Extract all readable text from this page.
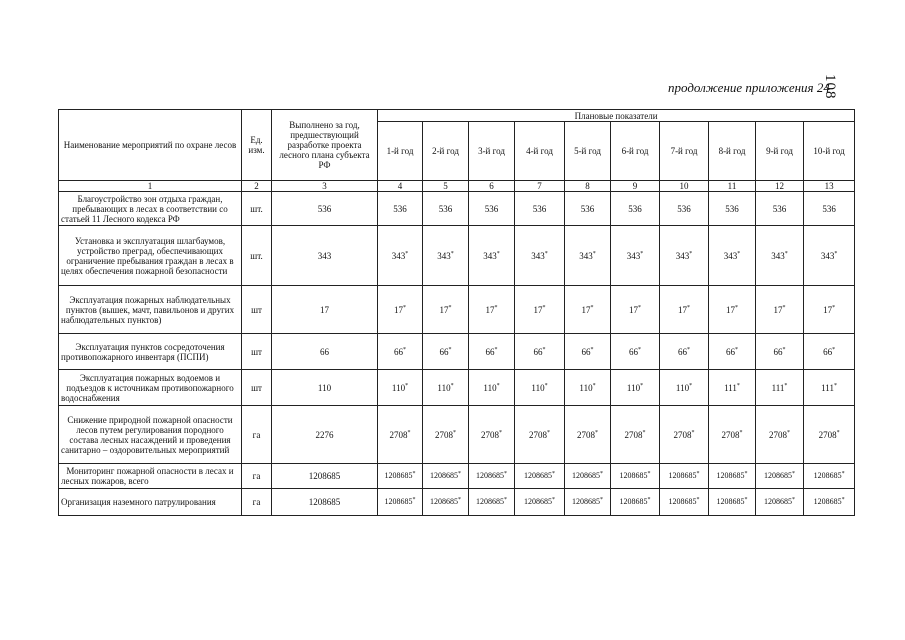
108
продолжение приложения 24
Наименование мероприятий по охране лесов	Ед. изм.	Выполнено за год, предшествующий разработке проекта лесного плана субъекта РФ	Плановые показатели									
			1-й год	2-й год	3-й год	4-й год	5-й год	6-й год	7-й год	8-й год	9-й год	10-й год
1	2	3	4	5	6	7	8	9	10	11	12	13
Благоустройство зон отдыха граждан, пребывающих в лесах в соответствии со статьей 11 Лесного кодекса РФ	шт.	536	536	536	536	536	536	536	536	536	536	536
Установка и эксплуатация шлагбаумов, устройство преград, обеспечивающих ограничение пребывания граждан в лесах в целях обеспечения пожарной безопасности	шт.	343	343*	343*	343*	343*	343*	343*	343*	343*	343*	343*
Эксплуатация пожарных наблюдательных пунктов (вышек, мачт, павильонов и других наблюдательных пунктов)	шт	17	17*	17*	17*	17*	17*	17*	17*	17*	17*	17*
Эксплуатация пунктов сосредоточения противопожарного инвентаря (ПСПИ)	шт	66	66*	66*	66*	66*	66*	66*	66*	66*	66*	66*
Эксплуатация пожарных водоемов и подъездов к источникам противопожарного водоснабжения	шт	110	110*	110*	110*	110*	110*	110*	110*	111*	111*	111*
Снижение природной пожарной опасности лесов путем регулирования породного состава лесных насаждений и проведения санитарно – оздоровительных мероприятий	га	2276	2708*	2708*	2708*	2708*	2708*	2708*	2708*	2708*	2708*	2708*
Мониторинг пожарной опасности в лесах и лесных пожаров, всего	га	1208685	1208685*	1208685*	1208685*	1208685*	1208685*	1208685*	1208685*	1208685*	1208685*	1208685*
Организация наземного патрулирования	га	1208685	1208685*	1208685*	1208685*	1208685*	1208685*	1208685*	1208685*	1208685*	1208685*	1208685*
